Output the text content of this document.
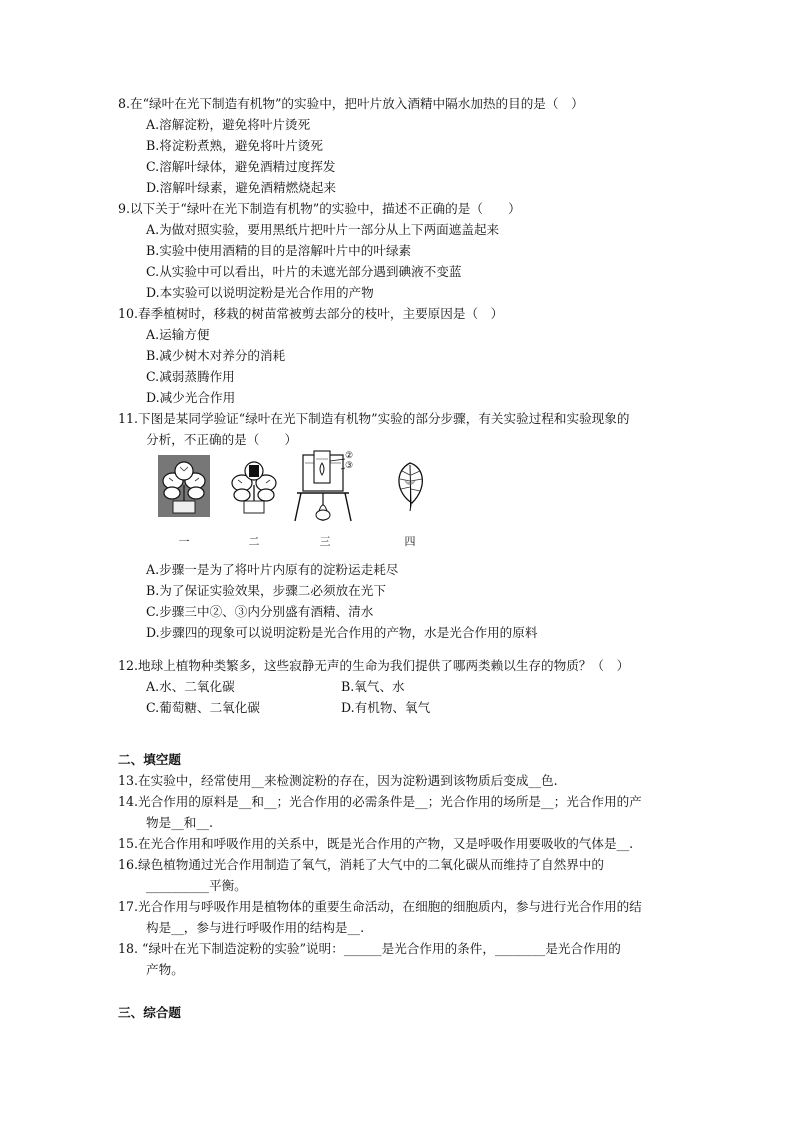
8.在“绿叶在光下制造有机物”的实验中，把叶片放入酒精中隔水加热的目的是（　）
A.溶解淀粉，避免将叶片烫死
B.将淀粉煮熟，避免将叶片烫死
C.溶解叶绿体，避免酒精过度挥发
D.溶解叶绿素，避免酒精燃烧起来
9.以下关于“绿叶在光下制造有机物”的实验中，描述不正确的是（　　）
A.为做对照实验，要用黑纸片把叶片一部分从上下两面遮盖起来
B.实验中使用酒精的目的是溶解叶片中的叶绿素
C.从实验中可以看出，叶片的未遮光部分遇到碘液不变蓝
D.本实验可以说明淀粉是光合作用的产物
10.春季植树时，移栽的树苗常被剪去部分的枝叶，主要原因是（　）
A.运输方便
B.减少树木对养分的消耗
C.减弱蒸腾作用
D.减少光合作用
11.下图是某同学验证“绿叶在光下制造有机物”实验的部分步骤，有关实验过程和实验现象的
分析，不正确的是（　　）
一	二
②
③
三	四
A.步骤一是为了将叶片内原有的淀粉运走耗尽
B.为了保证实验效果，步骤二必须放在光下
C.步骤三中②、③内分别盛有酒精、清水
D.步骤四的现象可以说明淀粉是光合作用的产物，水是光合作用的原料
12.地球上植物种类繁多，这些寂静无声的生命为我们提供了哪两类赖以生存的物质？（　）
A.水、二氧化碳	B.氧气、水
C.葡萄糖、二氧化碳	D.有机物、氧气
二、填空题
13.在实验中，经常使用__来检测淀粉的存在，因为淀粉遇到该物质后变成__色.
14.光合作用的原料是__和__；光合作用的必需条件是__；光合作用的场所是__；光合作用的产
物是__和__.
15.在光合作用和呼吸作用的关系中，既是光合作用的产物，又是呼吸作用要吸收的气体是__.
16.绿色植物通过光合作用制造了氧气，消耗了大气中的二氧化碳从而维持了自然界中的
__________平衡。
17.光合作用与呼吸作用是植物体的重要生命活动，在细胞的细胞质内，参与进行光合作用的结
构是__，参与进行呼吸作用的结构是__.
18. “绿叶在光下制造淀粉的实验”说明：______是光合作用的条件，________是光合作用的
产物。
三、综合题
